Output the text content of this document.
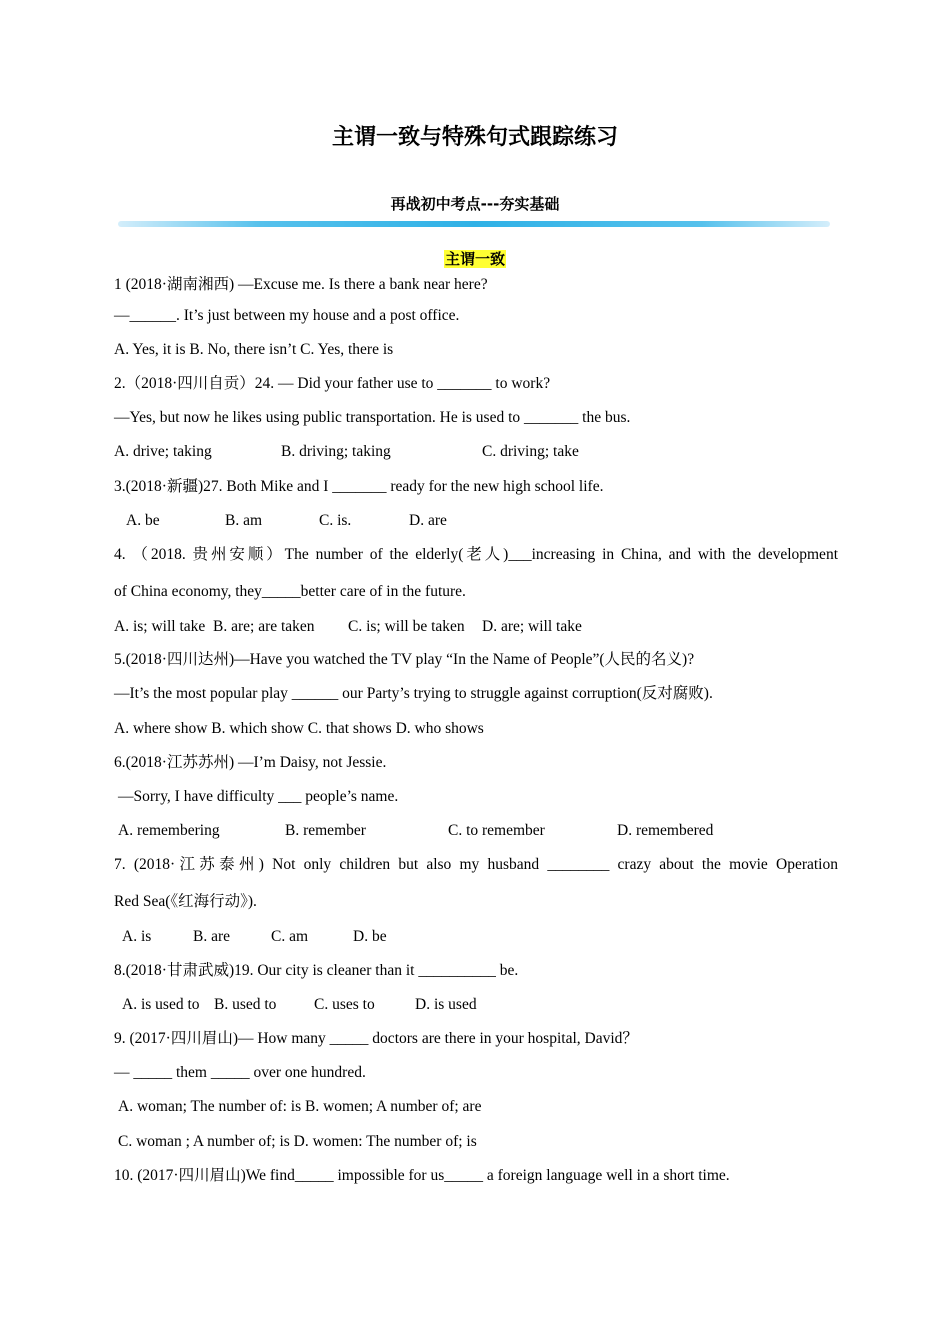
主谓一致与特殊句式跟踪练习
再战初中考点---夯实基础
主谓一致
1 (2018·湖南湘西) —Excuse me. Is there a bank near here?
—______. It’s just between my house and a post office.
A. Yes, it is B. No, there isn’t C. Yes, there is
2.（2018·四川自贡）24. — Did your father use to _______ to work?
—Yes, but now he likes using public transportation. He is used to _______ the bus.
A. drive; taking	B. driving; taking	C. driving; take
3.(2018·新疆)27. Both Mike and I _______ ready for the new high school life.
A. be	B. am	C. is.	D. are
4. （2018. 贵州安顺）The number of the elderly(老人)___increasing in China, and with the development
of China economy, they_____better care of in the future.
A. is; will take B. are; are taken C. is; will be taken D. are; will take
5.(2018·四川达州)—Have you watched the TV play “In the Name of People”(人民的名义)?
—It’s the most popular play ______ our Party’s trying to struggle against corruption(反对腐败).
A. where show B. which show C. that shows D. who shows
6.(2018·江苏苏州) —I’m Daisy, not Jessie.
—Sorry, I have difficulty ___ people’s name.
A. remembering	B. remember	C. to remember	D. remembered
7. (2018·江苏泰州) Not only children but also my husband ________ crazy about the movie Operation
Red Sea(《红海行动》).
A. is	B. are	C. am	D. be
8.(2018·甘肃武威)19. Our city is cleaner than it __________ be.
A. is used to B. used to C. uses to	D. is used
9. (2017·四川眉山)— How many _____ doctors are there in your hospital, David？
— _____ them _____ over one hundred.
A. woman; The number of: is B. women; A number of; are
C. woman ; A number of; is D. women: The number of; is
10. (2017·四川眉山)We find_____ impossible for us_____ a foreign language well in a short time.
